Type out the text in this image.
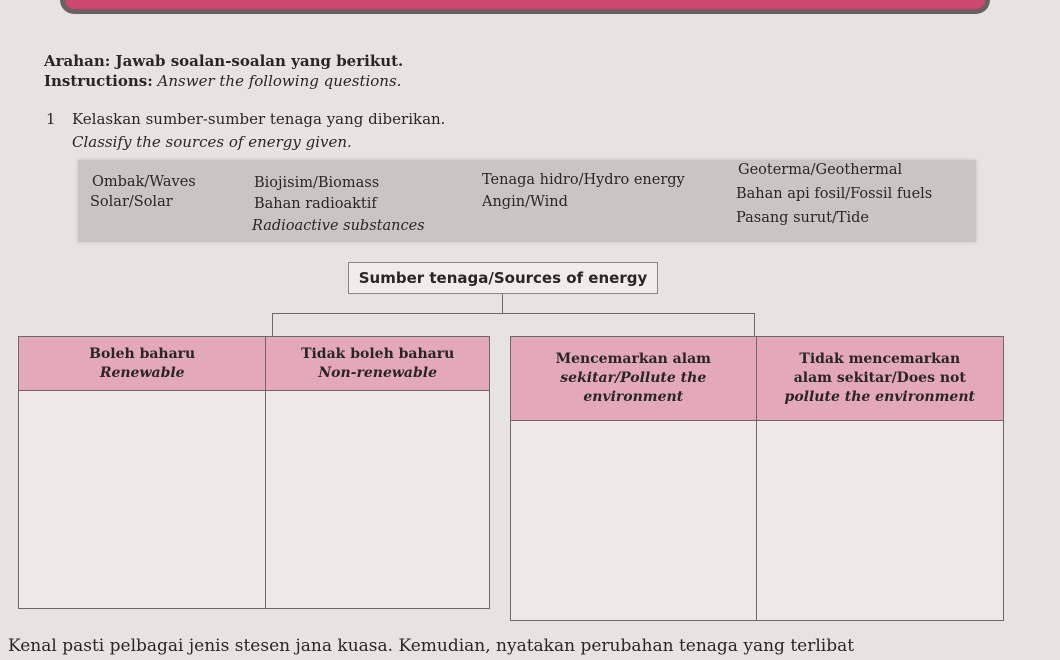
Arahan: Jawab soalan-soalan yang berikut.
Instructions: Answer the following questions.
1 Kelaskan sumber-sumber tenaga yang diberikan.
Classify the sources of energy given.
Ombak/Waves
Solar/Solar
Biojisim/Biomass
Bahan radioaktif
Radioactive substances
Tenaga hidro/Hydro energy
Angin/Wind
Geoterma/Geothermal
Bahan api fosil/Fossil fuels
Pasang surut/Tide
Sumber tenaga/Sources of energy
Boleh baharu
Renewable	Tidak boleh baharu
Non-renewable

Mencemarkan alam
sekitar/Pollute the
environment	Tidak mencemarkan
alam sekitar/Does not
pollute the environment

Kenal pasti pelbagai jenis stesen jana kuasa. Kemudian, nyatakan perubahan tenaga yang terlibat
